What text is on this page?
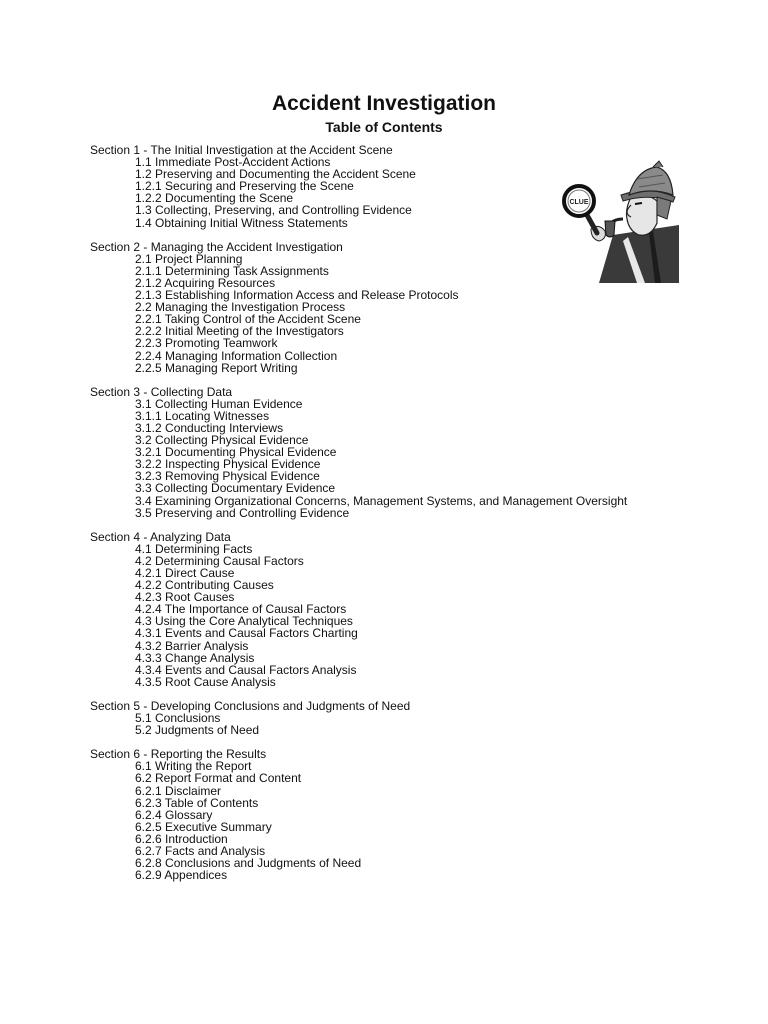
Accident Investigation
Table of Contents
Section 1 - The Initial Investigation at the Accident Scene
1.1 Immediate Post-Accident Actions
1.2 Preserving and Documenting the Accident Scene
1.2.1 Securing and Preserving the Scene
1.2.2 Documenting the Scene
1.3 Collecting, Preserving, and Controlling Evidence
1.4 Obtaining Initial Witness Statements
Section 2 - Managing the Accident Investigation
2.1 Project Planning
2.1.1 Determining Task Assignments
2.1.2 Acquiring Resources
2.1.3 Establishing Information Access and Release Protocols
2.2 Managing the Investigation Process
2.2.1 Taking Control of the Accident Scene
2.2.2 Initial Meeting of the Investigators
2.2.3 Promoting Teamwork
2.2.4 Managing Information Collection
2.2.5 Managing Report Writing
Section 3 - Collecting Data
3.1 Collecting Human Evidence
3.1.1 Locating Witnesses
3.1.2 Conducting Interviews
3.2 Collecting Physical Evidence
3.2.1 Documenting Physical Evidence
3.2.2 Inspecting Physical Evidence
3.2.3 Removing Physical Evidence
3.3 Collecting Documentary Evidence
3.4 Examining Organizational Concerns, Management Systems, and Management Oversight
3.5 Preserving and Controlling Evidence
Section 4 - Analyzing Data
4.1 Determining Facts
4.2 Determining Causal Factors
4.2.1 Direct Cause
4.2.2 Contributing Causes
4.2.3 Root Causes
4.2.4 The Importance of Causal Factors
4.3 Using the Core Analytical Techniques
4.3.1 Events and Causal Factors Charting
4.3.2 Barrier Analysis
4.3.3 Change Analysis
4.3.4 Events and Causal Factors Analysis
4.3.5 Root Cause Analysis
Section 5 - Developing Conclusions and Judgments of Need
5.1 Conclusions
5.2 Judgments of Need
Section 6 - Reporting the Results
6.1 Writing the Report
6.2 Report Format and Content
6.2.1 Disclaimer
6.2.3 Table of Contents
6.2.4 Glossary
6.2.5 Executive Summary
6.2.6 Introduction
6.2.7 Facts and Analysis
6.2.8 Conclusions and Judgments of Need
6.2.9 Appendices
CLUE
